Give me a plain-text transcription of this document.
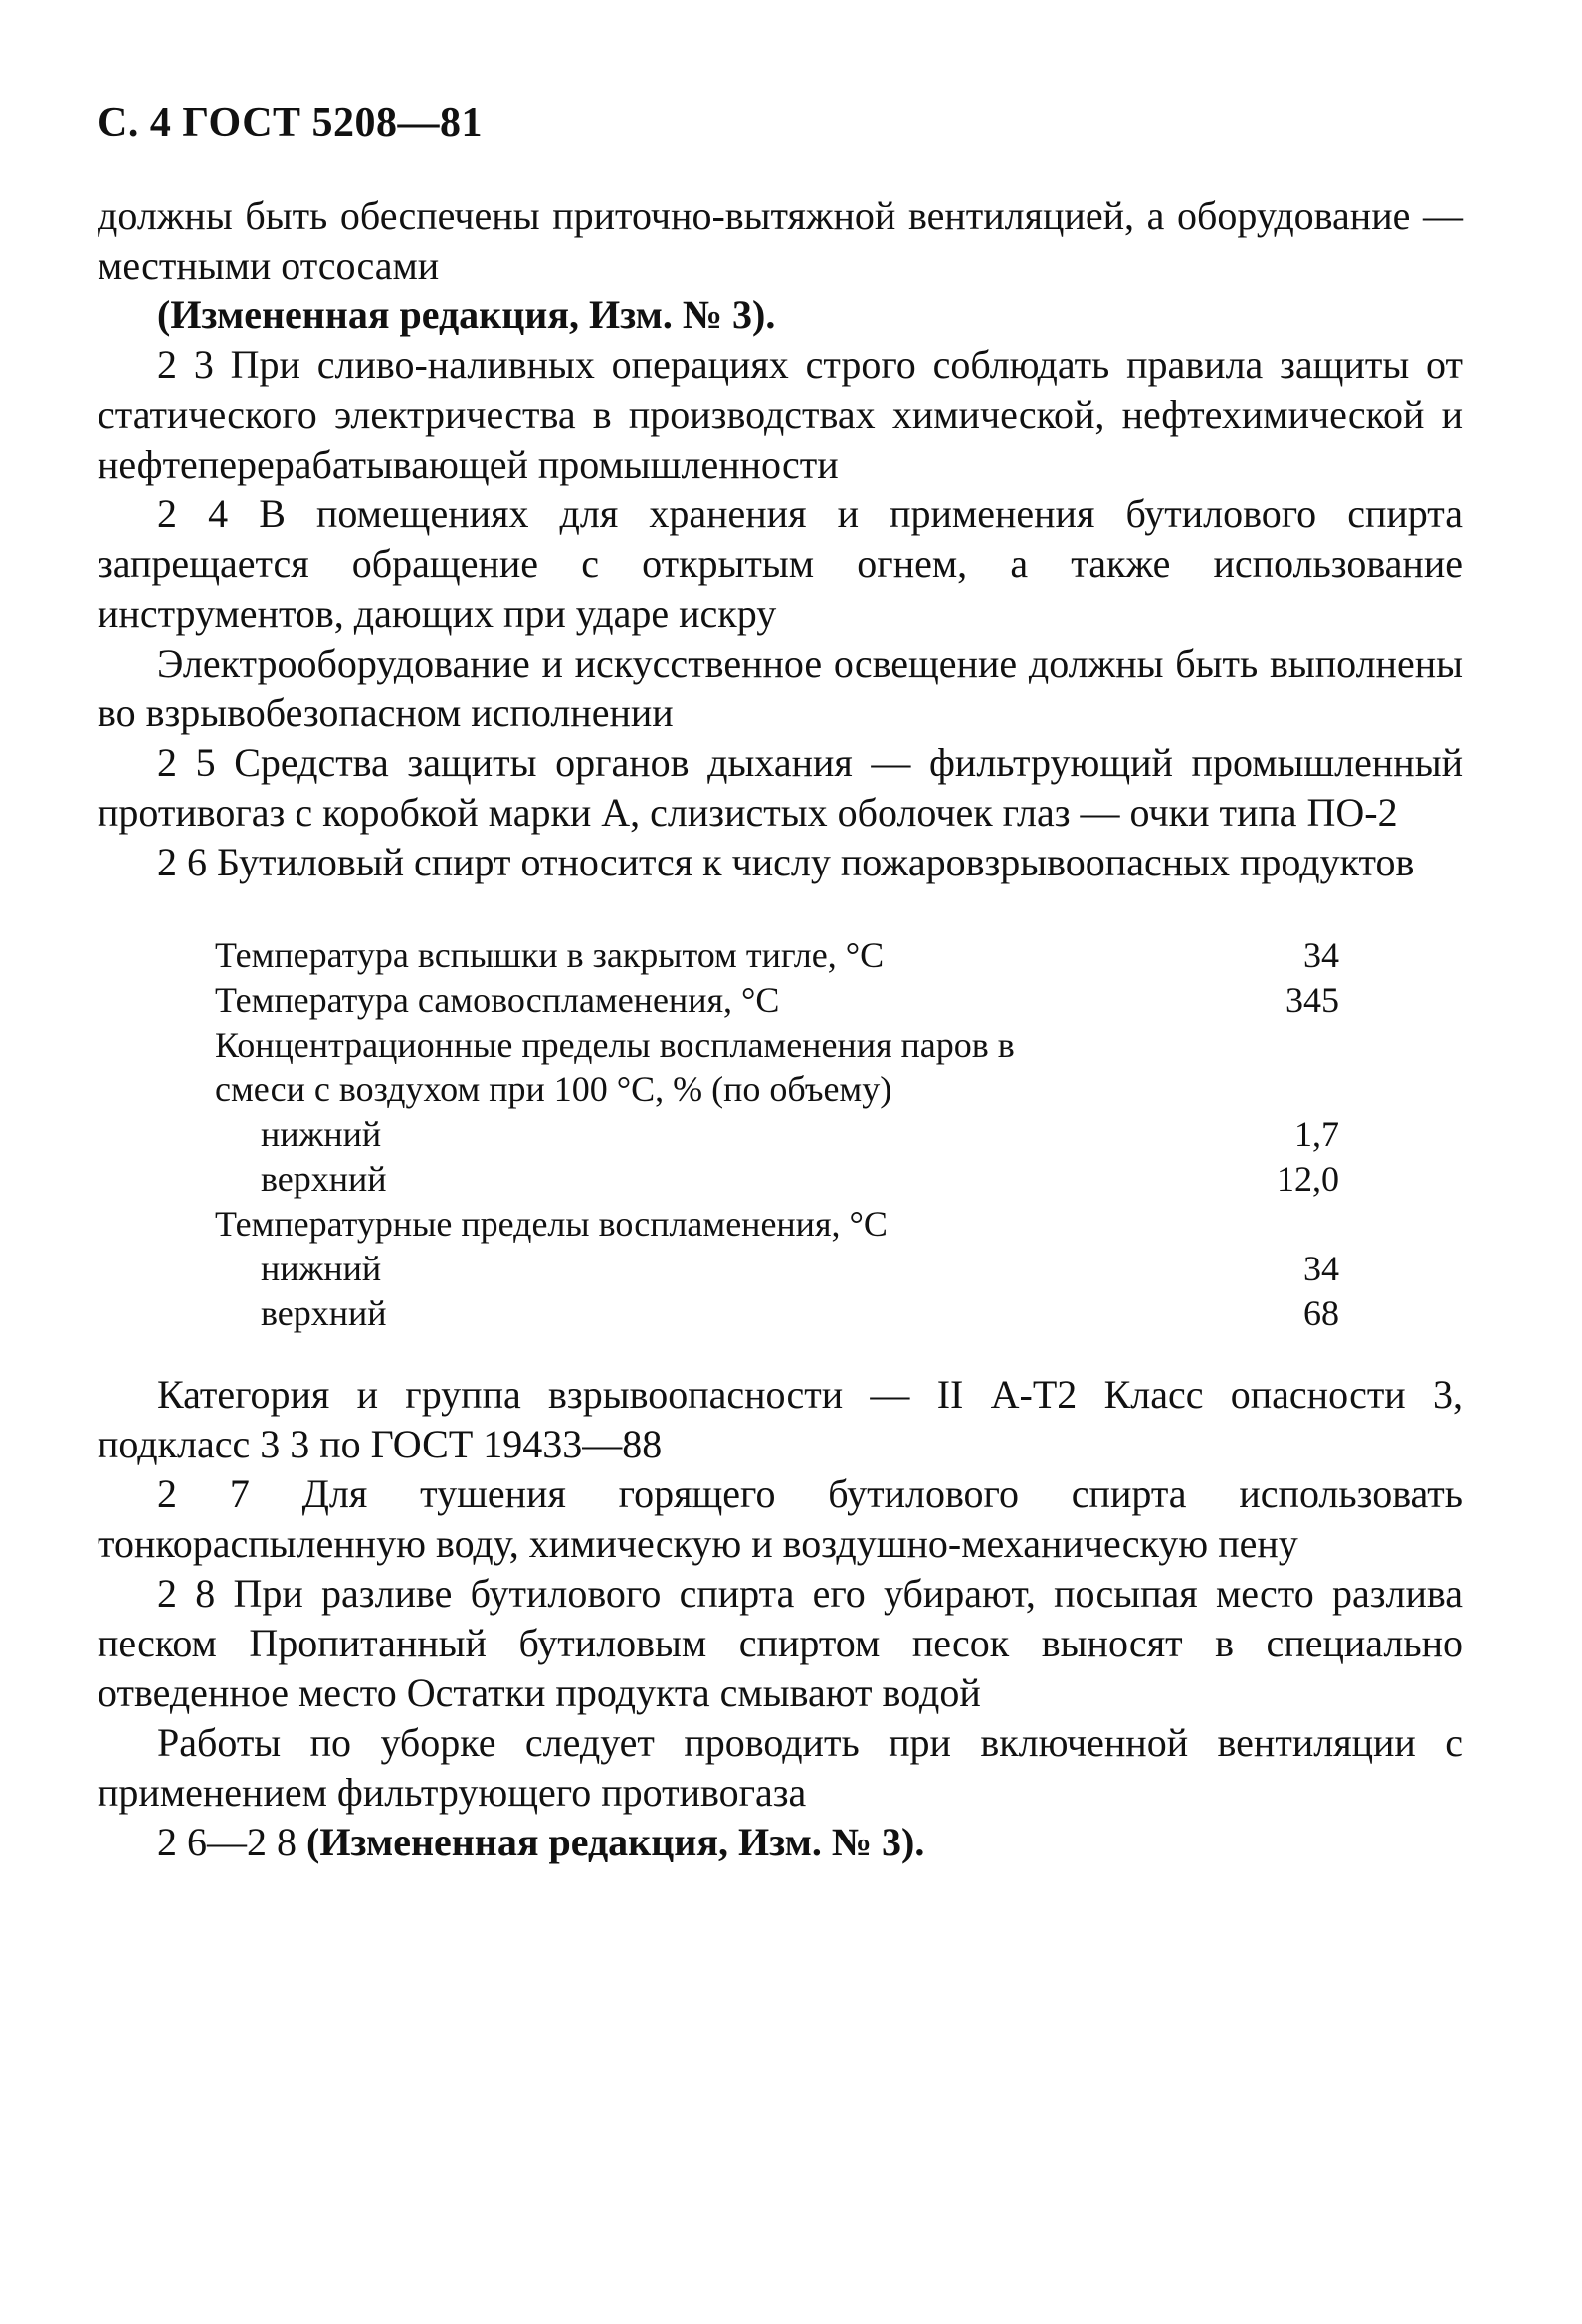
С. 4 ГОСТ 5208—81

должны быть обеспечены приточно-вытяжной вентиляцией, а оборудование — местными отсосами

(Измененная редакция, Изм. № 3).

2 3 При сливо-наливных операциях строго соблюдать правила защиты от статического электричества в производствах химической, нефтехимической и нефтеперерабатывающей промышленности

2 4 В помещениях для хранения и применения бутилового спирта запрещается обращение с открытым огнем, а также использование инструментов, дающих при ударе искру

Электрооборудование и искусственное освещение должны быть выполнены во взрывобезопасном исполнении

2 5 Средства защиты органов дыхания — фильтрующий промышленный противогаз с коробкой марки А, слизистых оболочек глаз — очки типа ПО-2

2 6 Бутиловый спирт относится к числу пожаровзрывоопасных продуктов

Температура вспышки в закрытом тигле, °С	34
Температура самовоспламенения, °С	345
Концентрационные пределы воспламенения паров в
смеси с воздухом при 100 °С, % (по объему)
нижний	1,7
верхний	12,0
Температурные пределы воспламенения, °С
нижний	34
верхний	68

Категория и группа взрывоопасности — II А-Т2 Класс опасности 3, подкласс 3 3 по ГОСТ 19433—88

2 7 Для тушения горящего бутилового спирта использовать тонкораспыленную воду, химическую и воздушно-механическую пену

2 8 При разливе бутилового спирта его убирают, посыпая место разлива песком Пропитанный бутиловым спиртом песок выносят в специально отведенное место Остатки продукта смывают водой

Работы по уборке следует проводить при включенной вентиляции с применением фильтрующего противогаза

2 6—2 8 (Измененная редакция, Изм. № 3).
